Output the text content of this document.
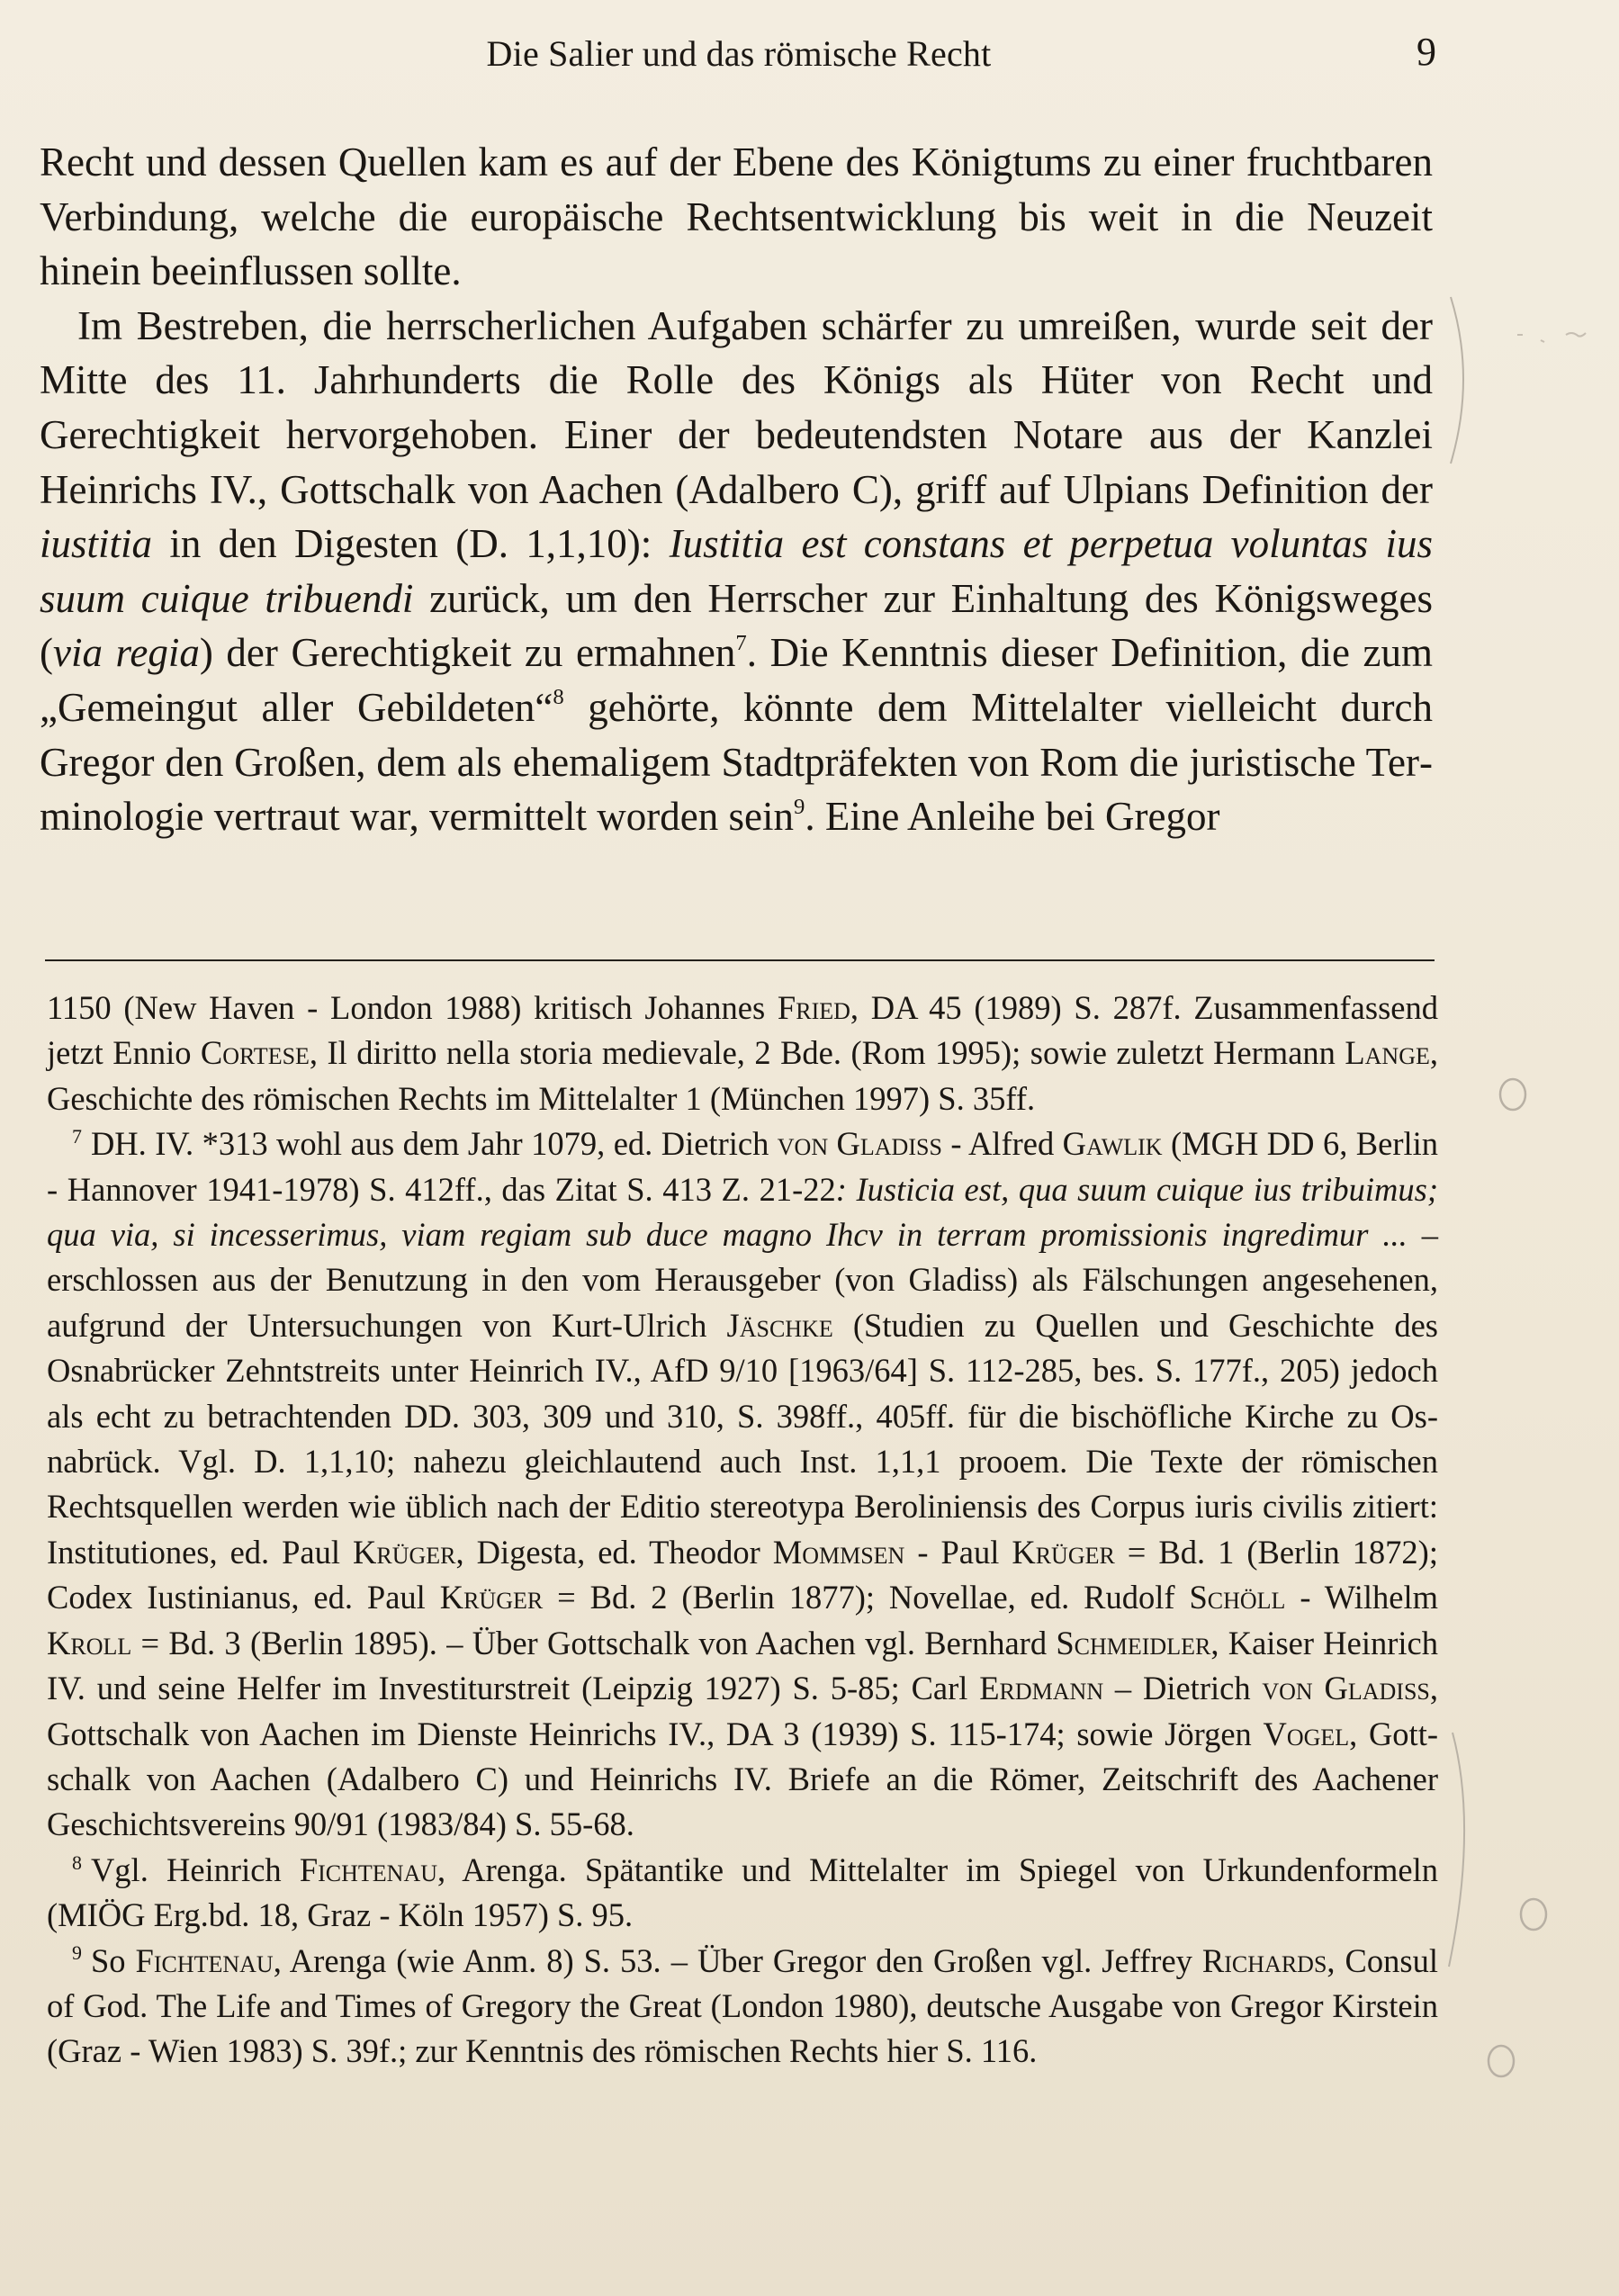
Die Salier und das römische Recht	9

Recht und dessen Quellen kam es auf der Ebene des Königtums zu einer fruchtbaren Verbindung, welche die europäische Rechtsentwicklung bis weit in die Neuzeit hinein beeinflussen sollte.

Im Bestreben, die herrscherlichen Aufgaben schärfer zu umreißen, wurde seit der Mitte des 11. Jahrhunderts die Rolle des Königs als Hüter von Recht und Gerechtigkeit hervorgehoben. Einer der bedeutendsten Notare aus der Kanzlei Heinrichs IV., Gottschalk von Aachen (Adalbero C), griff auf Ulpians Definition der iustitia in den Digesten (D. 1,1,10): Iustitia est constans et perpetua voluntas ius suum cuique tribuendi zurück, um den Herrscher zur Einhaltung des Königsweges (via regia) der Gerechtigkeit zu ermahnen$^7$. Die Kenntnis dieser Definition, die zum „Gemeingut aller Gebildeten“$^8$ gehörte, könnte dem Mittelalter vielleicht durch Gregor den Großen, dem als ehemaligem Stadtpräfekten von Rom die juristische Terminologie vertraut war, vermittelt worden sein$^9$. Eine Anleihe bei Gregor

1150 (New Haven - London 1988) kritisch Johannes Fried, DA 45 (1989) S. 287f. Zusammenfassend jetzt Ennio Cortese, Il diritto nella storia medievale, 2 Bde. (Rom 1995); sowie zuletzt Hermann Lange, Geschichte des römischen Rechts im Mittelalter 1 (München 1997) S. 35ff.

$^7$ DH. IV. *313 wohl aus dem Jahr 1079, ed. Dietrich von Gladiss - Alfred Gawlik (MGH DD 6, Berlin - Hannover 1941-1978) S. 412ff., das Zitat S. 413 Z. 21-22: Iusticia est, qua suum cuique ius tribuimus; qua via, si incesserimus, viam regiam sub duce magno Ihcv in terram promissionis ingredimur ... – erschlossen aus der Benutzung in den vom Herausgeber (von Gladiss) als Fälschungen angesehenen, aufgrund der Untersuchungen von Kurt-Ulrich Jäschke (Studien zu Quellen und Geschichte des Osnabrücker Zehntstreits unter Heinrich IV., AfD 9/10 [1963/64] S. 112-285, bes. S. 177f., 205) jedoch als echt zu betrachtenden DD. 303, 309 und 310, S. 398ff., 405ff. für die bischöfliche Kirche zu Osnabrück. Vgl. D. 1,1,10; nahezu gleichlautend auch Inst. 1,1,1 prooem. Die Texte der römischen Rechtsquellen werden wie üblich nach der Editio stereotypa Beroliniensis des Corpus iuris civilis zitiert: Institutiones, ed. Paul Krüger, Digesta, ed. Theodor Mommsen - Paul Krüger = Bd. 1 (Berlin 1872); Codex Iustinianus, ed. Paul Krüger = Bd. 2 (Berlin 1877); Novellae, ed. Rudolf Schöll - Wilhelm Kroll = Bd. 3 (Berlin 1895). – Über Gottschalk von Aachen vgl. Bernhard Schmeidler, Kaiser Heinrich IV. und seine Helfer im Investiturstreit (Leipzig 1927) S. 5-85; Carl Erdmann – Dietrich von Gladiss, Gottschalk von Aachen im Dienste Heinrichs IV., DA 3 (1939) S. 115-174; sowie Jörgen Vogel, Gottschalk von Aachen (Adalbero C) und Heinrichs IV. Briefe an die Römer, Zeitschrift des Aachener Geschichtsvereins 90/91 (1983/84) S. 55-68.

$^8$ Vgl. Heinrich Fichtenau, Arenga. Spätantike und Mittelalter im Spiegel von Urkundenformeln (MIÖG Erg.bd. 18, Graz - Köln 1957) S. 95.

$^9$ So Fichtenau, Arenga (wie Anm. 8) S. 53. – Über Gregor den Großen vgl. Jeffrey Richards, Consul of God. The Life and Times of Gregory the Great (London 1980), deutsche Ausgabe von Gregor Kirstein (Graz - Wien 1983) S. 39f.; zur Kenntnis des römischen Rechts hier S. 116.
